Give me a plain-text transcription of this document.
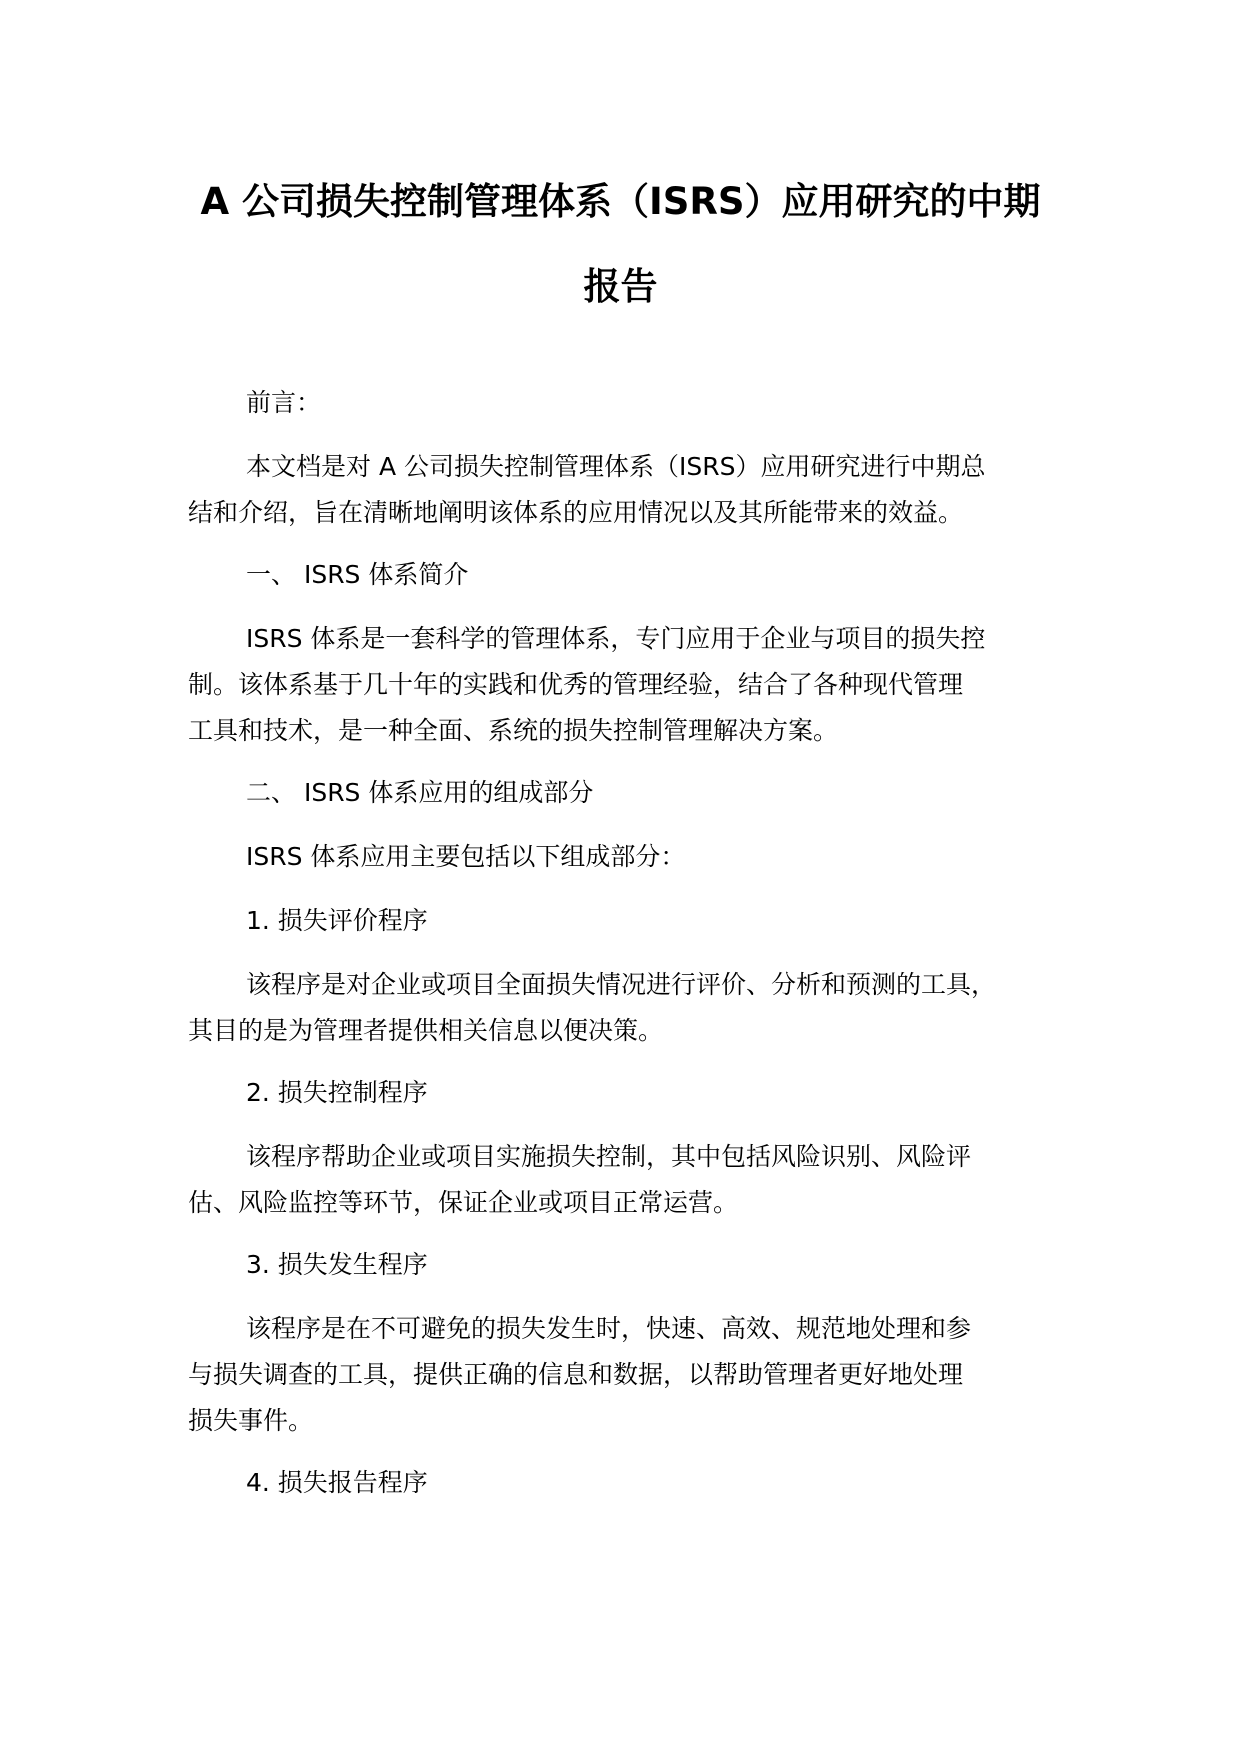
A 公司损失控制管理体系（ISRS）应用研究的中期
报告

前言：

本文档是对 A 公司损失控制管理体系（ISRS）应用研究进行中期总
结和介绍，旨在清晰地阐明该体系的应用情况以及其所能带来的效益。

一、 ISRS 体系简介

ISRS 体系是一套科学的管理体系，专门应用于企业与项目的损失控
制。该体系基于几十年的实践和优秀的管理经验，结合了各种现代管理
工具和技术，是一种全面、系统的损失控制管理解决方案。

二、 ISRS 体系应用的组成部分

ISRS 体系应用主要包括以下组成部分：

1. 损失评价程序

该程序是对企业或项目全面损失情况进行评价、分析和预测的工具，
其目的是为管理者提供相关信息以便决策。

2. 损失控制程序

该程序帮助企业或项目实施损失控制，其中包括风险识别、风险评
估、风险监控等环节，保证企业或项目正常运营。

3. 损失发生程序

该程序是在不可避免的损失发生时，快速、高效、规范地处理和参
与损失调查的工具，提供正确的信息和数据，以帮助管理者更好地处理
损失事件。

4. 损失报告程序
